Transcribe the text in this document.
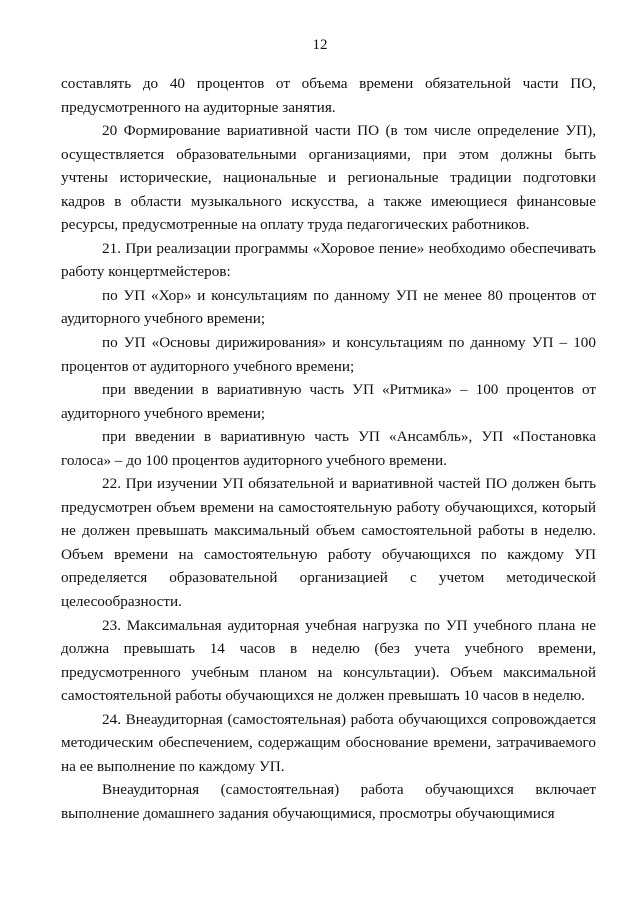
12

составлять до 40 процентов от объема времени обязательной части ПО, предусмотренного на аудиторные занятия.

20 Формирование вариативной части ПО (в том числе определение УП), осуществляется образовательными организациями, при этом должны быть учтены исторические, национальные и региональные традиции подготовки кадров в области музыкального искусства, а также имеющиеся финансовые ресурсы, предусмотренные на оплату труда педагогических работников.

21. При реализации программы «Хоровое пение» необходимо обеспечивать работу концертмейстеров:

по УП «Хор» и консультациям по данному УП не менее 80 процентов от аудиторного учебного времени;

по УП «Основы дирижирования» и консультациям по данному УП – 100 процентов от аудиторного учебного времени;

при введении в вариативную часть УП «Ритмика» – 100 процентов от аудиторного учебного времени;

при введении в вариативную часть УП «Ансамбль», УП «Постановка голоса» – до 100 процентов аудиторного учебного времени.

22. При изучении УП обязательной и вариативной частей ПО должен быть предусмотрен объем времени на самостоятельную работу обучающихся, который не должен превышать максимальный объем самостоятельной работы в неделю. Объем времени на самостоятельную работу обучающихся по каждому УП определяется образовательной организацией с учетом методической целесообразности.

23. Максимальная аудиторная учебная нагрузка по УП учебного плана не должна превышать 14 часов в неделю (без учета учебного времени, предусмотренного учебным планом на консультации). Объем максимальной самостоятельной работы обучающихся не должен превышать 10 часов в неделю.

24. Внеаудиторная (самостоятельная) работа обучающихся сопровождается методическим обеспечением, содержащим обоснование времени, затрачиваемого на ее выполнение по каждому УП.

Внеаудиторная (самостоятельная) работа обучающихся включает выполнение домашнего задания обучающимися, просмотры обучающимися
